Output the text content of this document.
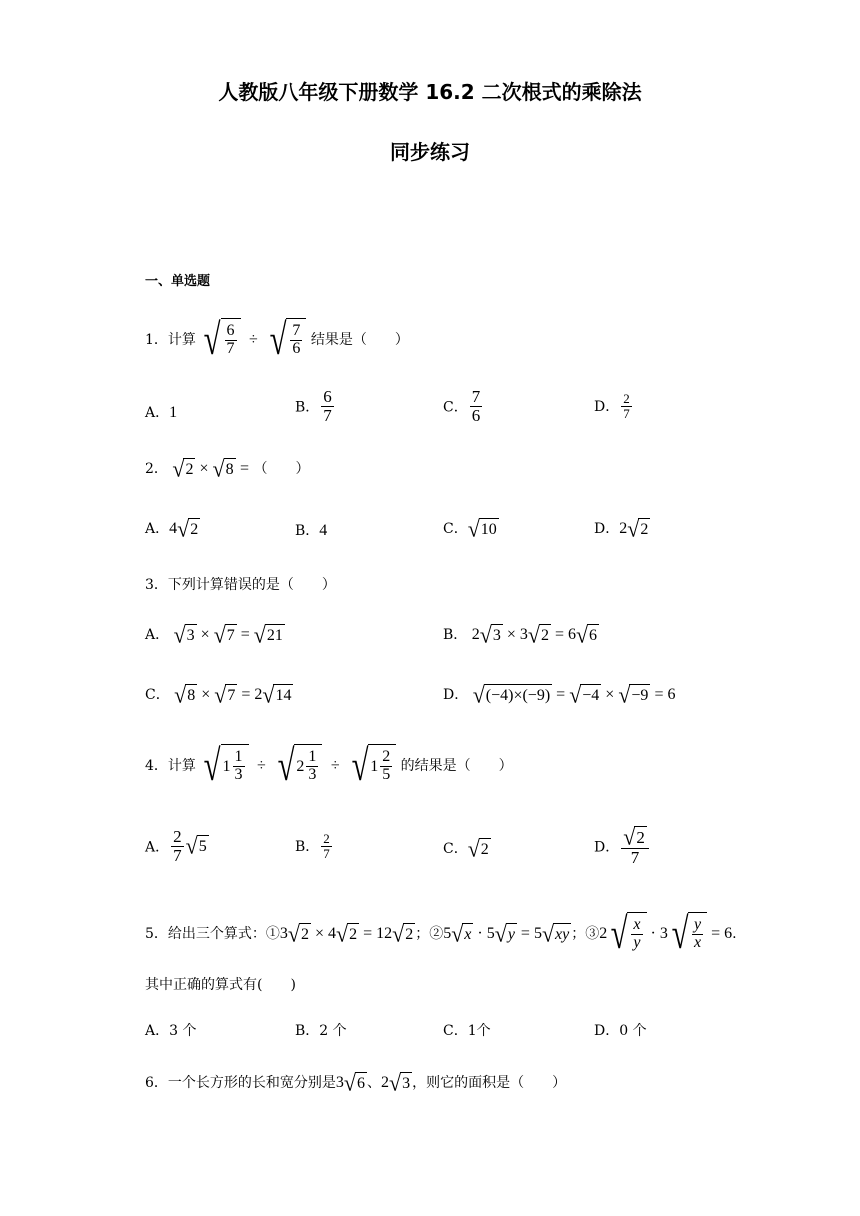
人教版八年级下册数学 16.2 二次根式的乘除法
同步练习
一、单选题
1．计算 √ $\frac{6}{7}$ ÷ √ $\frac{7}{6}$ 结果是（　　）
A．1	B． $\frac{6}{7}$	C． $\frac{7}{6}$	D． $\frac{2}{7}$
2． √ 2 × √ 8 = （　　）
A．4 √ 2	B．4	C． √ 10	D．2 √ 2
3．下列计算错误的是（　　）
A． √ 3 × √ 7 = √ 21	B． 2 √ 3 × 3 √ 2 = 6 √ 6
C． √ 8 × √ 7 = 2 √ 14	D． √ (−4)×(−9) = √ −4 × √ −9 = 6
4．计算 √ $1 \frac{1}{3}$ ÷ √ $2 \frac{1}{3}$ ÷ √ $1 \frac{2}{5}$ 的结果是（　　）
A． $\frac{2}{7}$ √ 5	B． $\frac{2}{7}$	C． √ 2	D． $\frac{√ 2}{7}$
5．给出三个算式：①3 √ 2 × 4 √ 2 = 12 √ 2 ；②5 √ x · 5 √ y = 5 √ xy ；③2 √ $\frac{x}{y} \cdot 3$ √ $\frac{y}{x} = 6$.
其中正确的算式有(　　)
A．3 个	B．2 个	C．1个	D．0 个
6．一个长方形的长和宽分别是3 √ 6 、2 √ 3 ，则它的面积是（　　）
